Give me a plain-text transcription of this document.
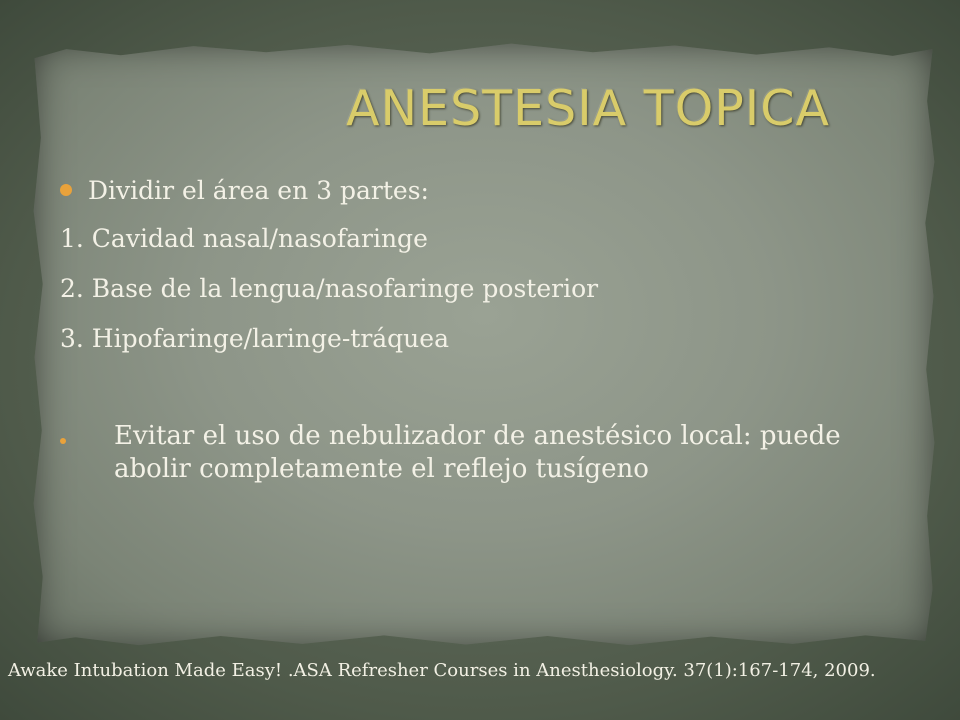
ANESTESIA TOPICA
Dividir el área en 3 partes:
1. Cavidad nasal/nasofaringe
2. Base de la lengua/nasofaringe posterior
3. Hipofaringe/laringe-tráquea
Evitar el uso de nebulizador de anestésico local: puede abolir completamente el reflejo tusígeno
Awake Intubation Made Easy! .ASA Refresher Courses in Anesthesiology. 37(1):167-174, 2009.
